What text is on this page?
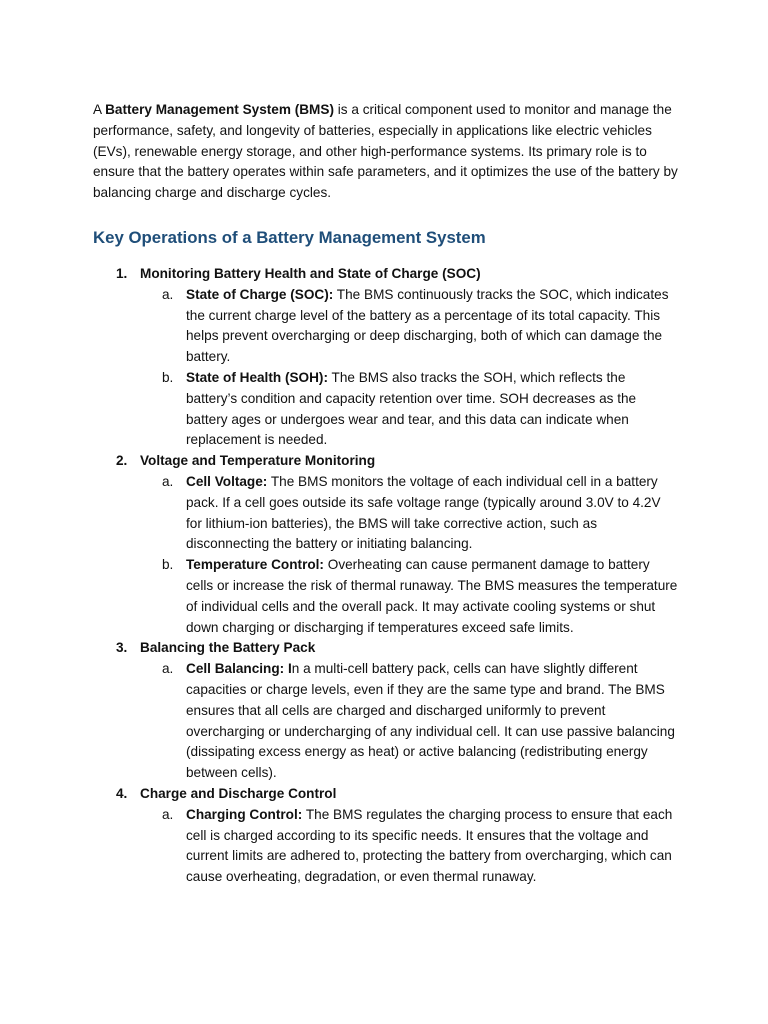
A Battery Management System (BMS) is a critical component used to monitor and manage the performance, safety, and longevity of batteries, especially in applications like electric vehicles (EVs), renewable energy storage, and other high-performance systems. Its primary role is to ensure that the battery operates within safe parameters, and it optimizes the use of the battery by balancing charge and discharge cycles.

Key Operations of a Battery Management System
1. Monitoring Battery Health and State of Charge (SOC)
a. State of Charge (SOC): The BMS continuously tracks the SOC, which indicates the current charge level of the battery as a percentage of its total capacity. This helps prevent overcharging or deep discharging, both of which can damage the battery.
b. State of Health (SOH): The BMS also tracks the SOH, which reflects the battery’s condition and capacity retention over time. SOH decreases as the battery ages or undergoes wear and tear, and this data can indicate when replacement is needed.
2. Voltage and Temperature Monitoring
a. Cell Voltage: The BMS monitors the voltage of each individual cell in a battery pack. If a cell goes outside its safe voltage range (typically around 3.0V to 4.2V for lithium-ion batteries), the BMS will take corrective action, such as disconnecting the battery or initiating balancing.
b. Temperature Control: Overheating can cause permanent damage to battery cells or increase the risk of thermal runaway. The BMS measures the temperature of individual cells and the overall pack. It may activate cooling systems or shut down charging or discharging if temperatures exceed safe limits.
3. Balancing the Battery Pack
a. Cell Balancing: In a multi-cell battery pack, cells can have slightly different capacities or charge levels, even if they are the same type and brand. The BMS ensures that all cells are charged and discharged uniformly to prevent overcharging or undercharging of any individual cell. It can use passive balancing (dissipating excess energy as heat) or active balancing (redistributing energy between cells).
4. Charge and Discharge Control
a. Charging Control: The BMS regulates the charging process to ensure that each cell is charged according to its specific needs. It ensures that the voltage and current limits are adhered to, protecting the battery from overcharging, which can cause overheating, degradation, or even thermal runaway.
